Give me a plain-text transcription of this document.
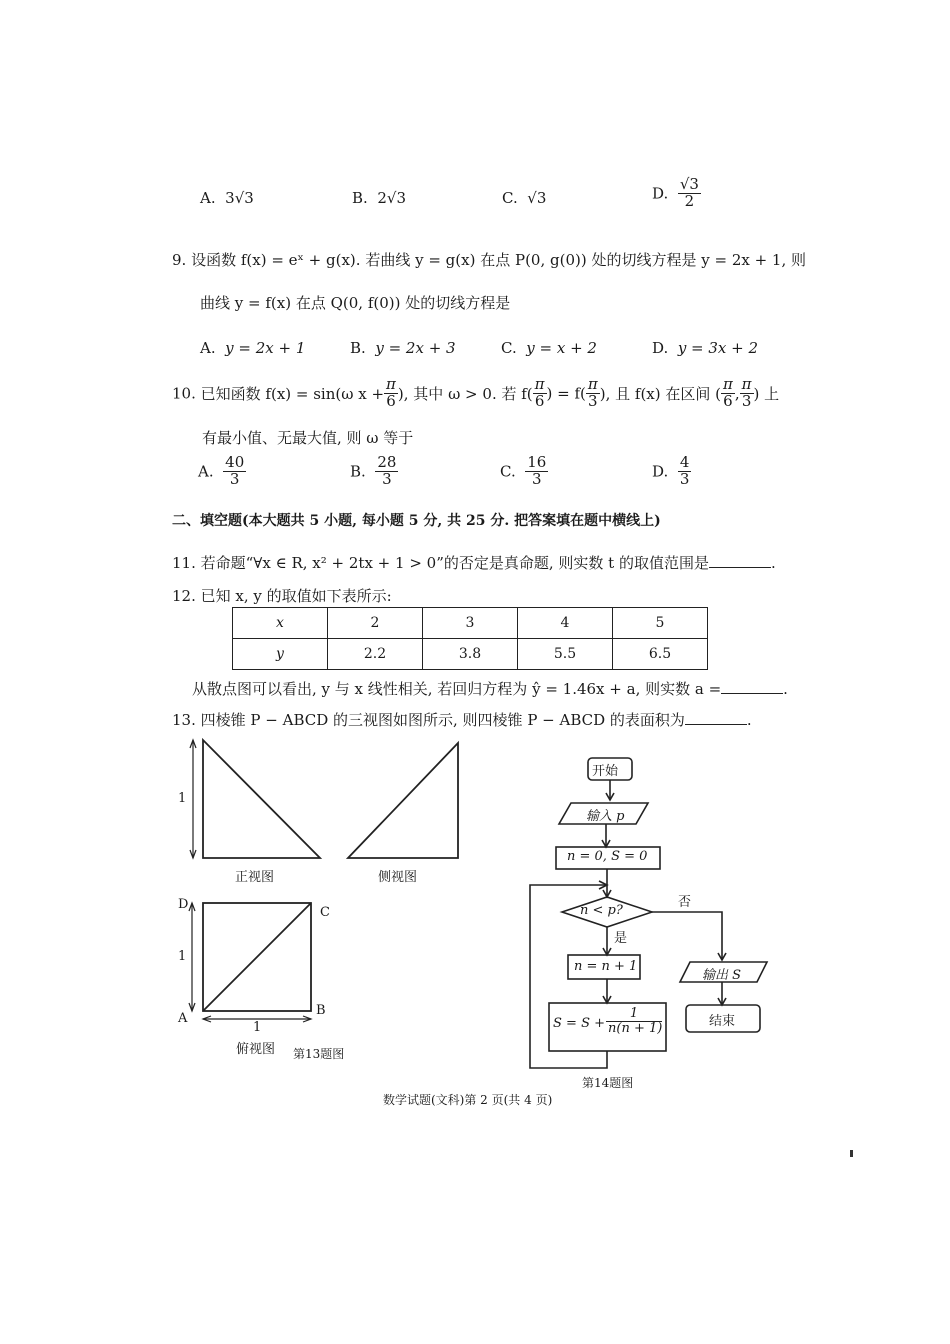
A. 3√3	B. 2√3	C. √3	D. $\frac{√3}{2}$
9. 设函数 f(x) = eˣ + g(x). 若曲线 y = g(x) 在点 P(0, g(0)) 处的切线方程是 y = 2x + 1, 则
曲线 y = f(x) 在点 Q(0, f(0)) 处的切线方程是
A. y = 2x + 1	B. y = 2x + 3	C. y = x + 2	D. y = 3x + 2
10. 已知函数 f(x) = sin(ω $x + \frac{\pi}{6}$ ), 其中 ω > 0. 若 $f( \frac{\pi}{6}$ ) = $f( \frac{\pi}{3}$ ), 且 f(x) 在区间 ( $\frac{\pi}{6}$ , $\frac{\pi}{3}$ ) 上
有最小值、无最大值, 则 ω 等于
A. $\frac{40}{3}$	B. $\frac{28}{3}$	C. $\frac{16}{3}$	D. $\frac{4}{3}$
二、填空题(本大题共 5 小题, 每小题 5 分, 共 25 分. 把答案填在题中横线上)
11. 若命题“∀x ∈ R, x² + 2tx + 1 > 0”的否定是真命题, 则实数 t 的取值范围是	.
12. 已知 x, y 的取值如下表所示:
x	2	3	4	5
y	2.2	3.8	5.5	6.5
从散点图可以看出, y 与 x 线性相关, 若回归方程为 ŷ = 1.46x + a, 则实数 a =	.
13. 四棱锥 P − ABCD 的三视图如图所示, 则四棱锥 P − ABCD 的表面积为	.
1
正视图	侧视图
D
C
1
A
B
1
俯视图 第13题图
开始
输入 p
n = 0, S = 0
n < p?
是
否
n = n + 1
$S = S + \frac{1}{n(n + 1)}$
输出 S
结束
第14题图
数学试题(文科)第 2 页(共 4 页)
